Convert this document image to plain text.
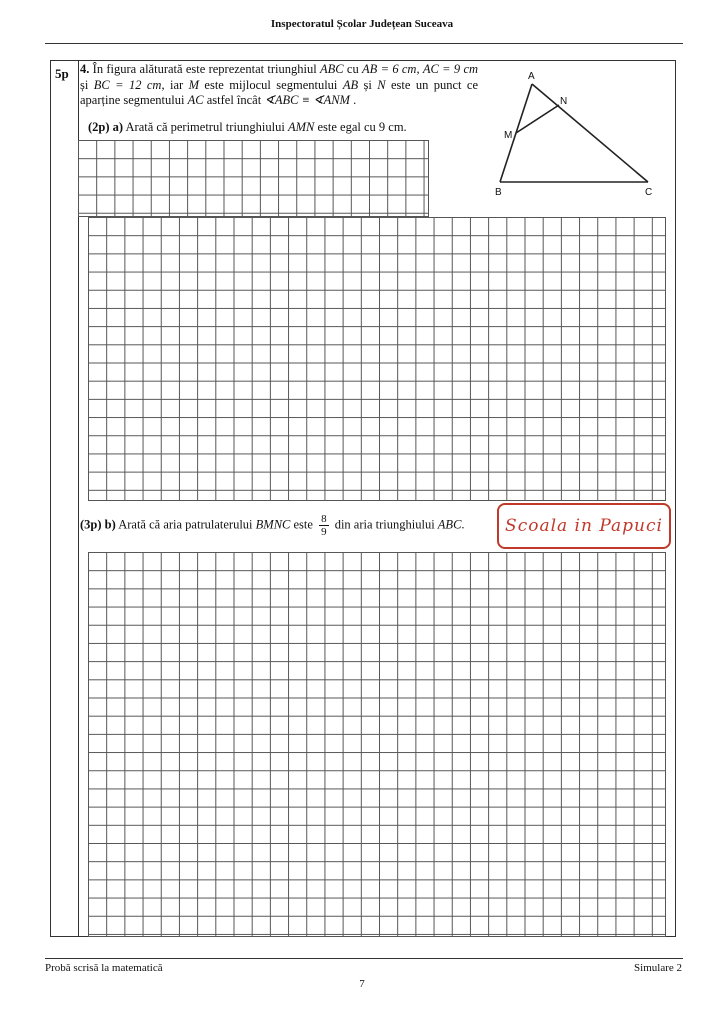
Inspectoratul Școlar Județean Suceava
5p 4. În figura alăturată este reprezentat triunghiul ABC cu AB = 6 cm, AC = 9 cm și BC = 12 cm, iar M este mijlocul segmentului AB și N este un punct ce aparține segmentului AC astfel încât ∢ABC ≡ ∢ANM .
(2p) a) Arată că perimetrul triunghiului AMN este egal cu 9 cm.
A
B	C
M
N
(3p) b) Arată că aria patrulaterului BMNC este $\frac{8}{9}$ din aria triunghiului ABC.	Scoala in Papuci
Probă scrisă la matematică
7
Simulare 2
